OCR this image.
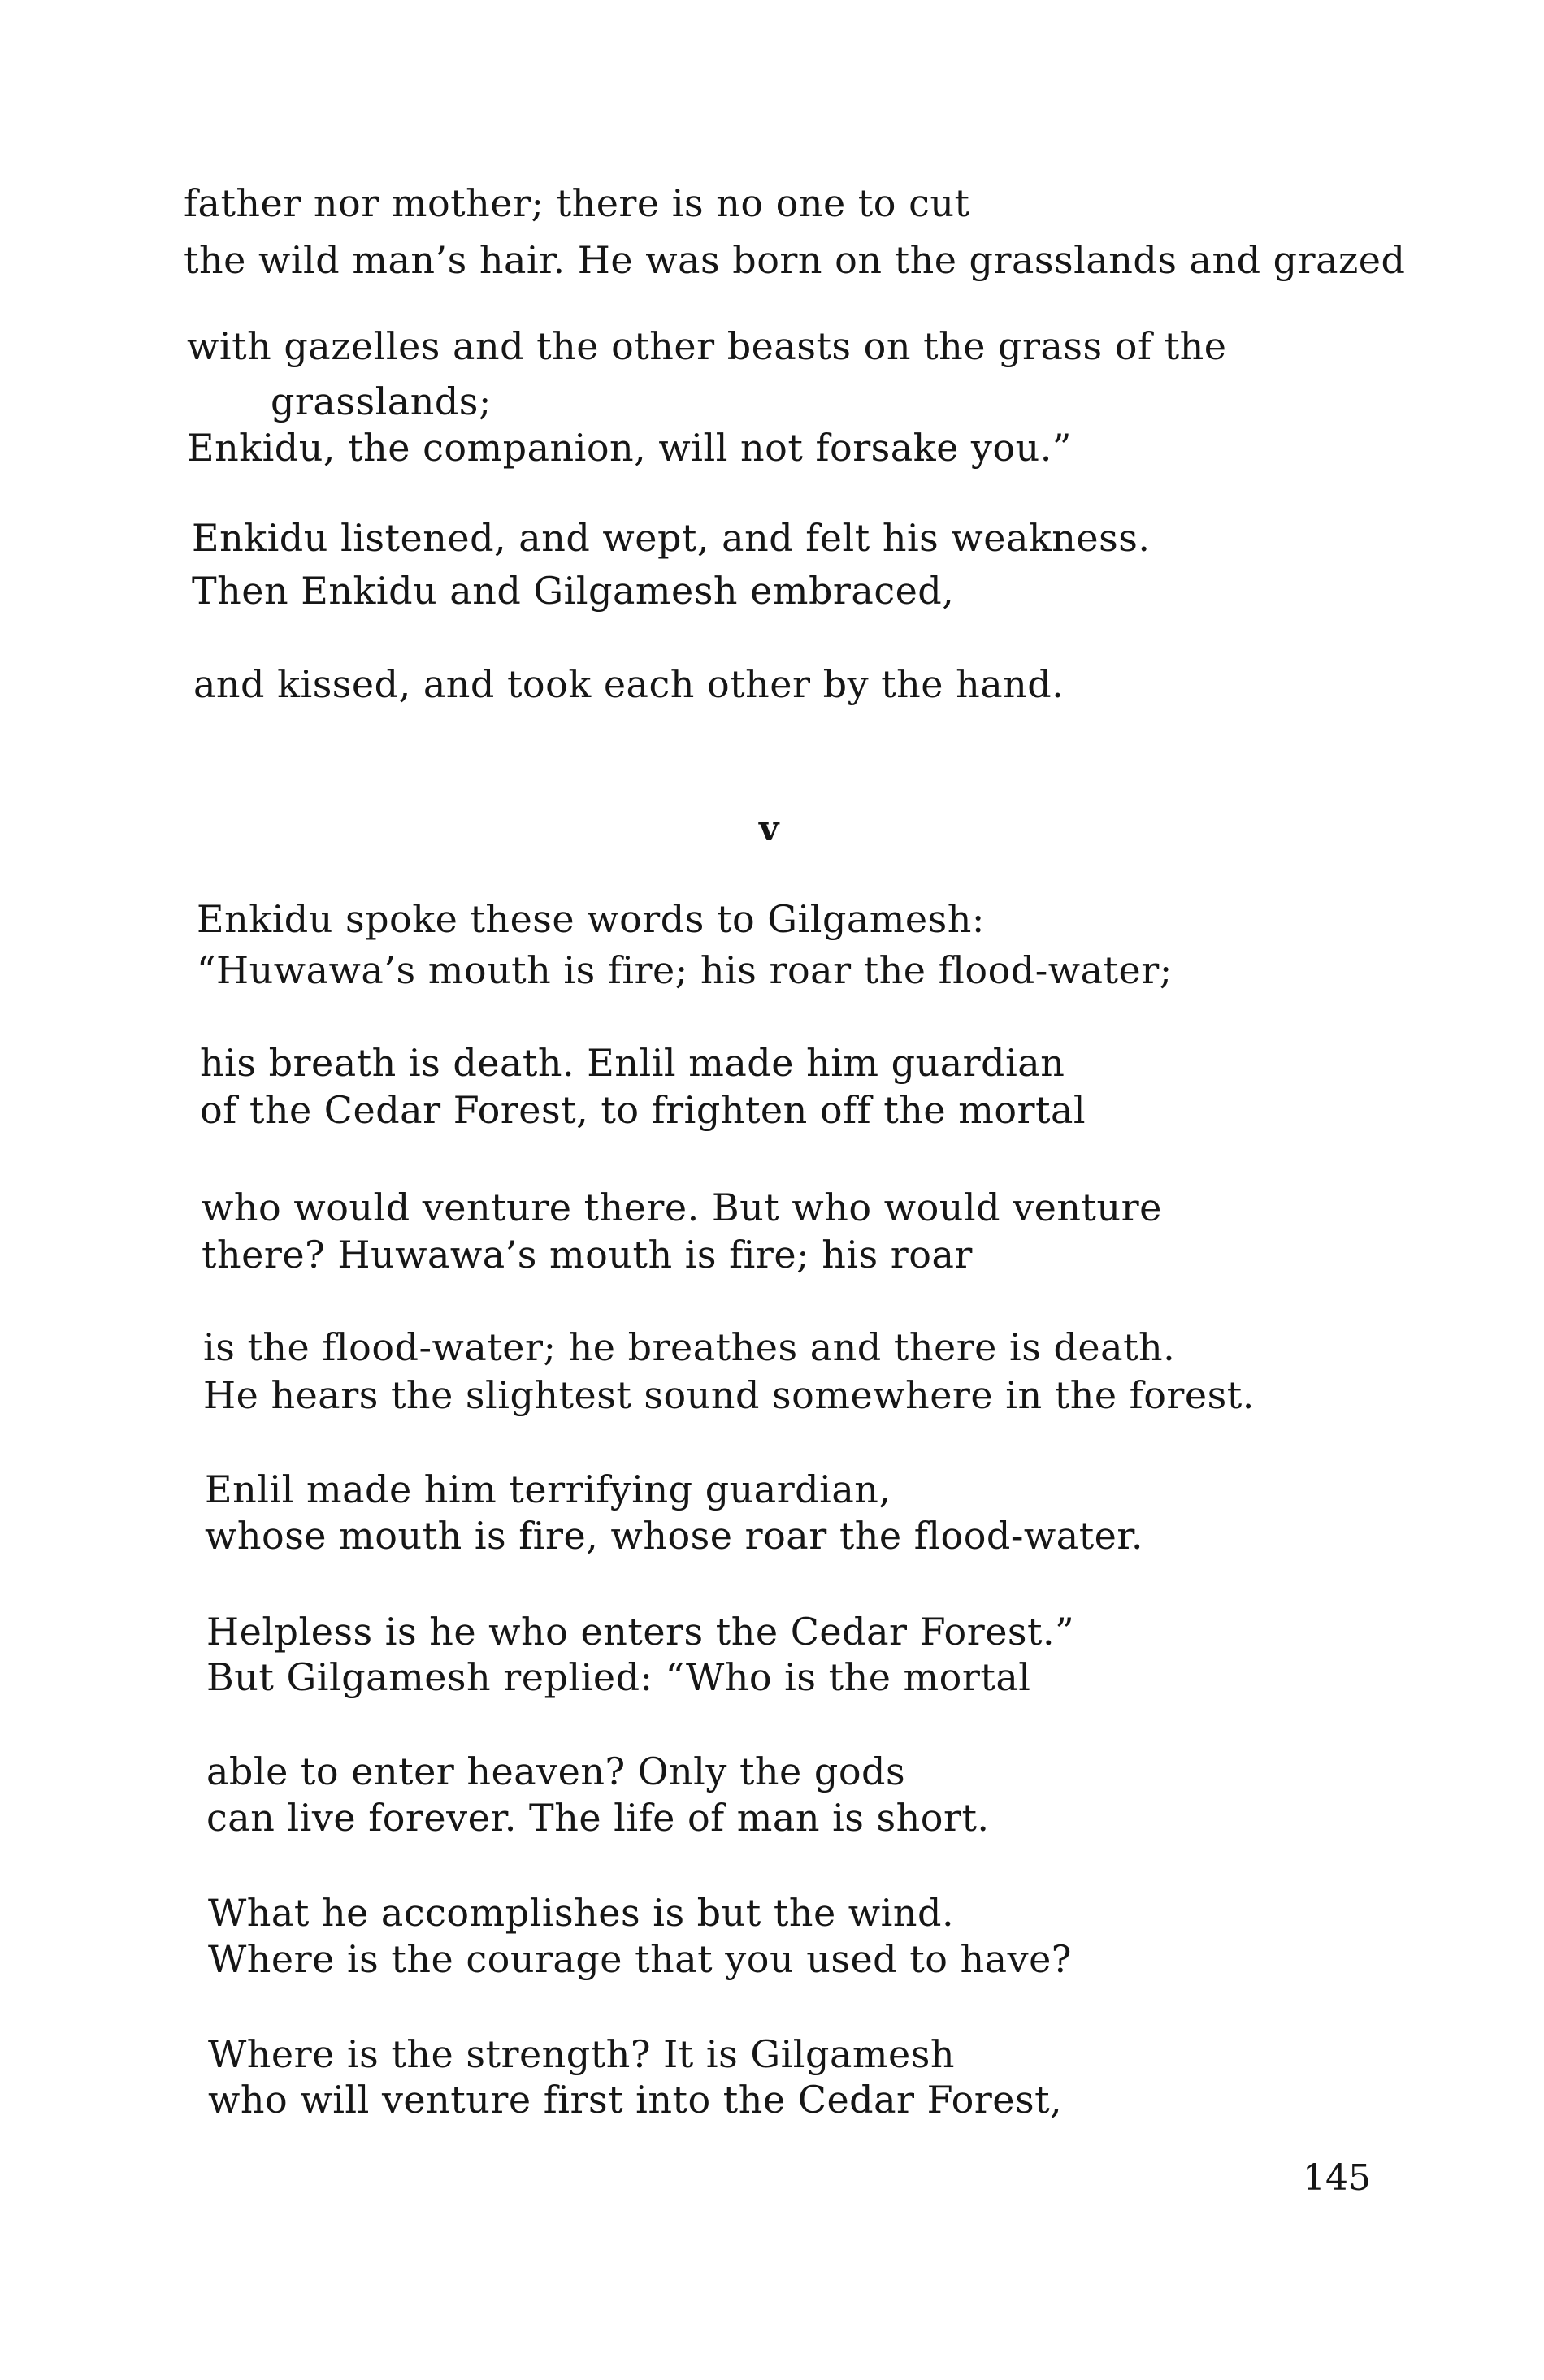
father nor mother; there is no one to cut
the wild man’s hair. He was born on the grasslands and grazed
with gazelles and the other beasts on the grass of the
grasslands;
Enkidu, the companion, will not forsake you.”
Enkidu listened, and wept, and felt his weakness.
Then Enkidu and Gilgamesh embraced,
and kissed, and took each other by the hand.
v
Enkidu spoke these words to Gilgamesh:
“Huwawa’s mouth is fire; his roar the flood-water;
his breath is death. Enlil made him guardian
of the Cedar Forest, to frighten off the mortal
who would venture there. But who would venture
there? Huwawa’s mouth is fire; his roar
is the flood-water; he breathes and there is death.
He hears the slightest sound somewhere in the forest.
Enlil made him terrifying guardian,
whose mouth is fire, whose roar the flood-water.
Helpless is he who enters the Cedar Forest.”
But Gilgamesh replied: “Who is the mortal
able to enter heaven? Only the gods
can live forever. The life of man is short.
What he accomplishes is but the wind.
Where is the courage that you used to have?
Where is the strength? It is Gilgamesh
who will venture first into the Cedar Forest,
145
